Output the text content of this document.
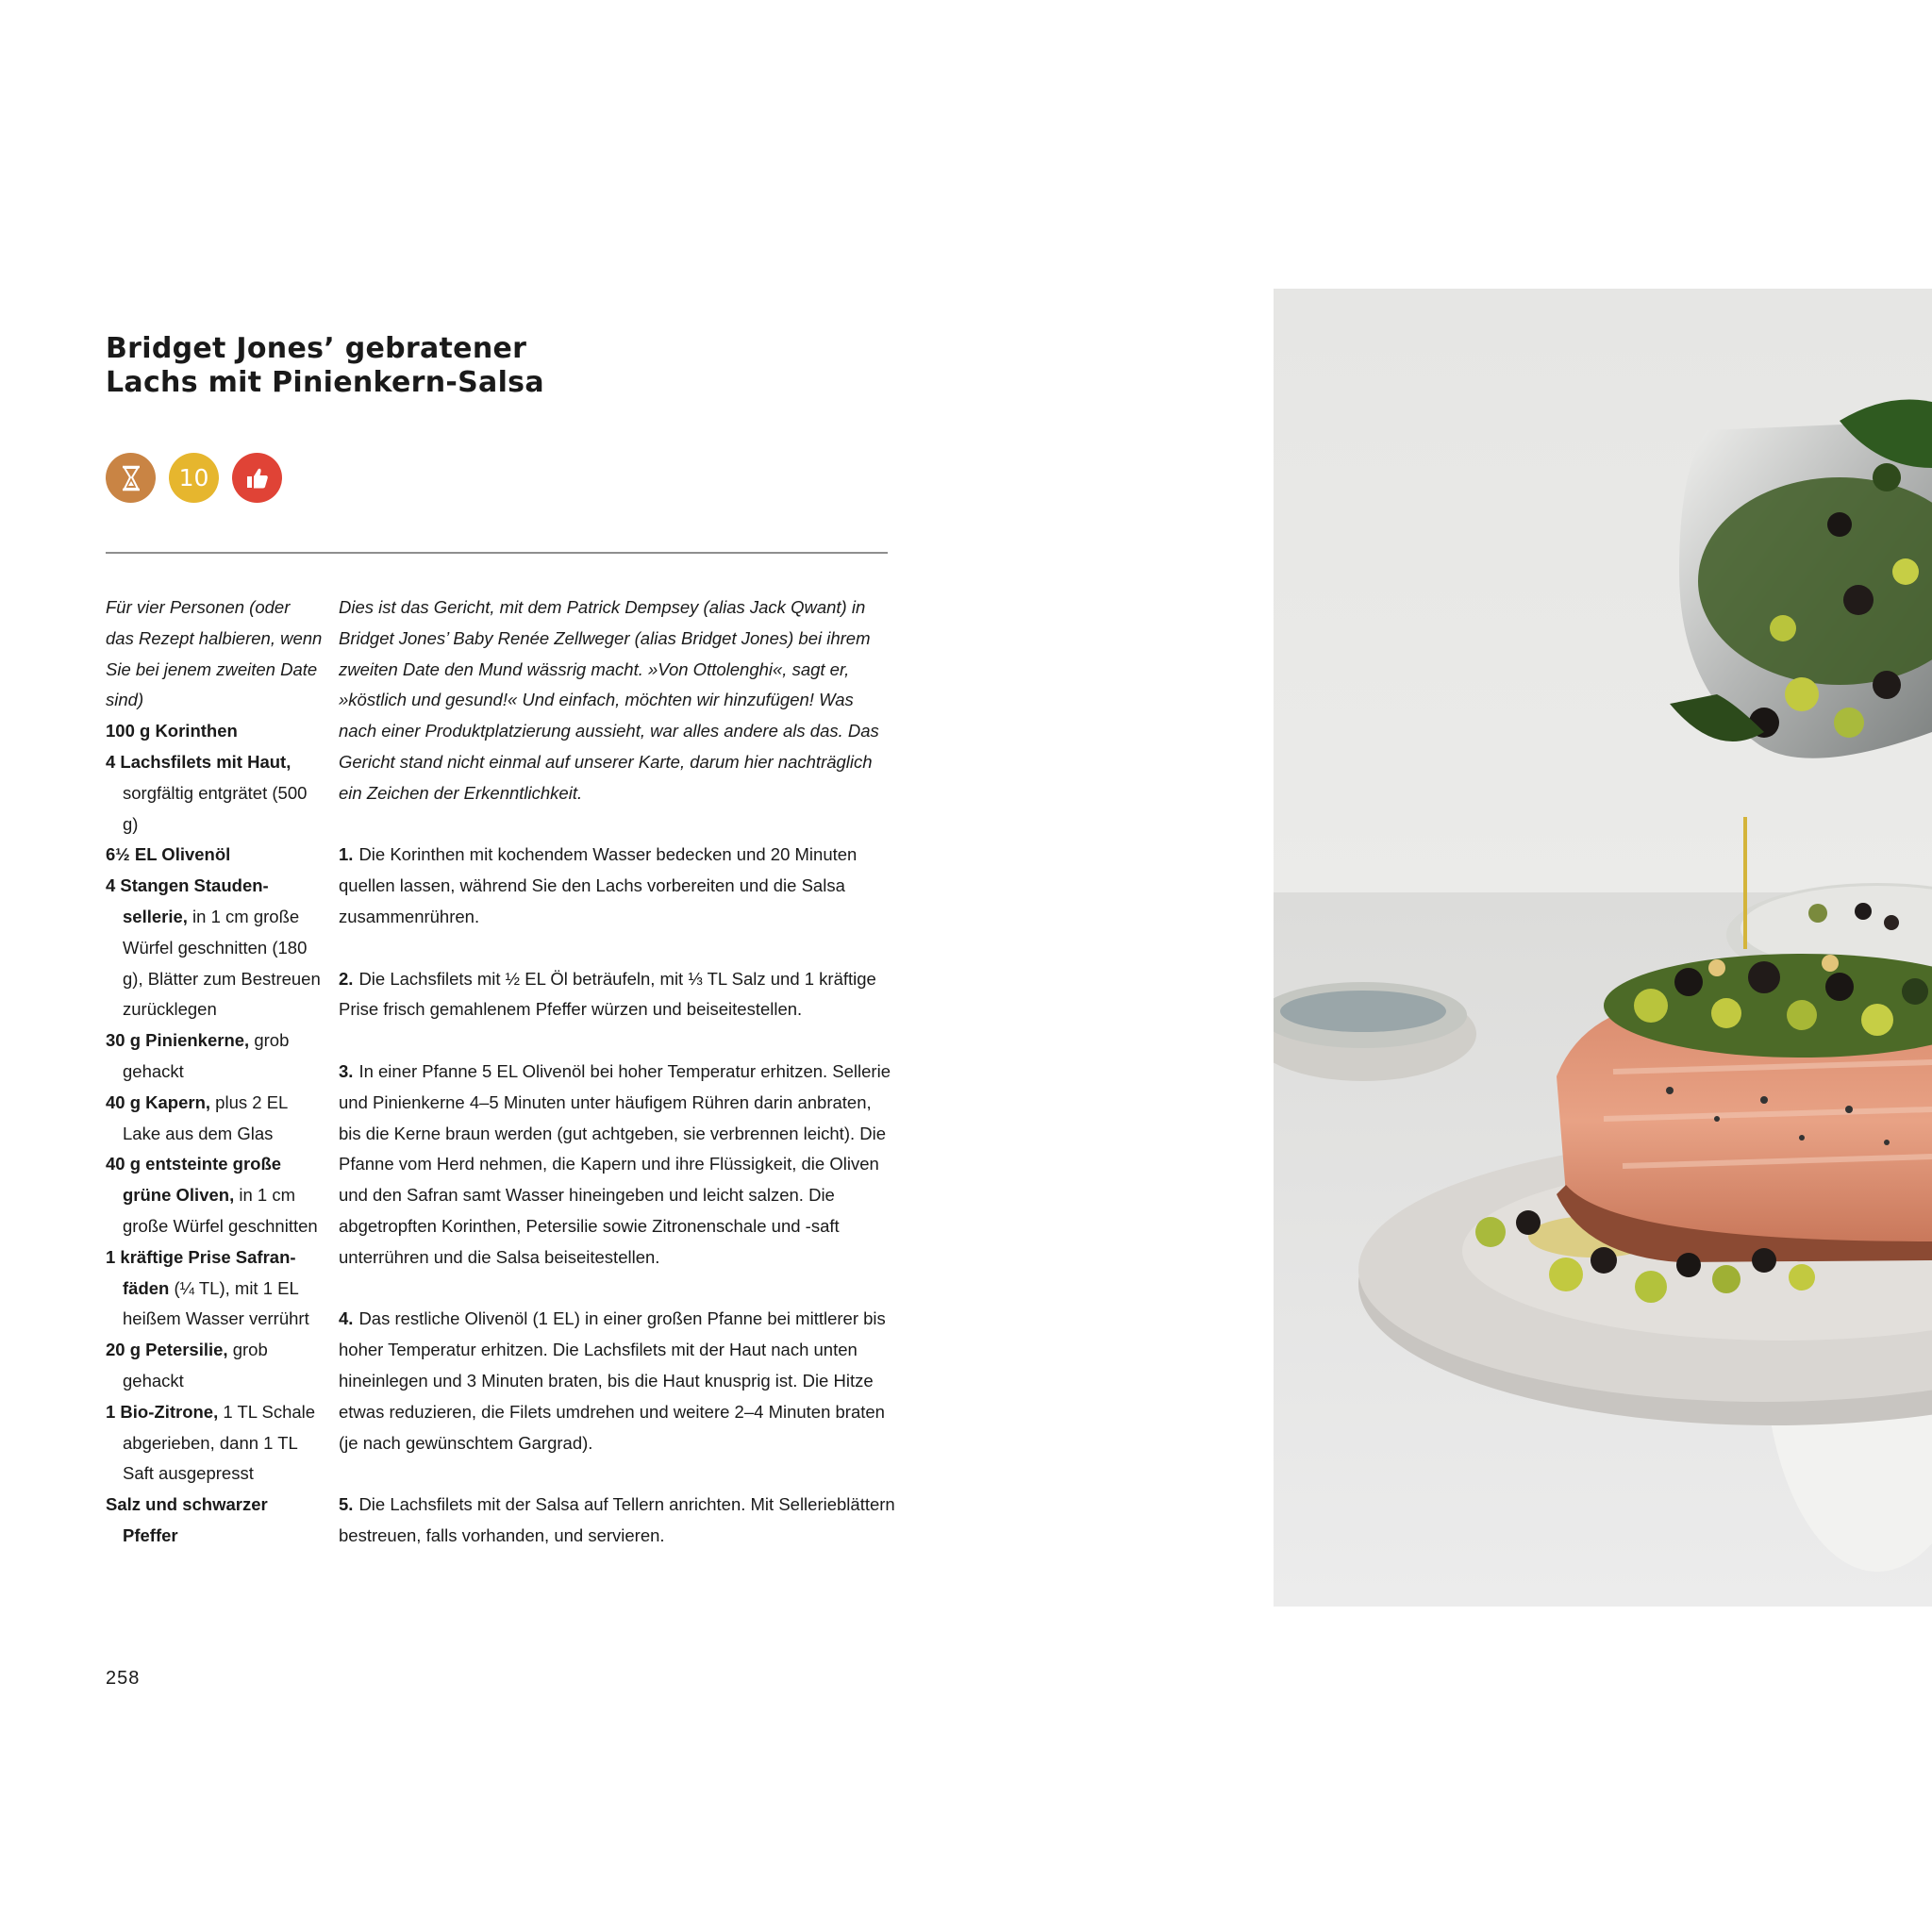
Bridget Jones’ gebratener
Lachs mit Pinienkern-Salsa
10
Für vier Personen (oder das Rezept halbieren, wenn Sie bei jenem zweiten Date sind)
100 g Korinthen
4 Lachsfilets mit Haut, sorgfältig entgrätet (500 g)
6½ EL Olivenöl
4 Stangen Stauden-sellerie, in 1 cm große Würfel geschnitten (180 g), Blätter zum Bestreuen zurücklegen
30 g Pinienkerne, grob gehackt
40 g Kapern, plus 2 EL Lake aus dem Glas
40 g entsteinte große grüne Oliven, in 1 cm große Würfel geschnitten
1 kräftige Prise Safran-fäden (¼ TL), mit 1 EL heißem Wasser verrührt
20 g Petersilie, grob gehackt
1 Bio-Zitrone, 1 TL Schale abgerieben, dann 1 TL Saft ausgepresst
Salz und schwarzer Pfeffer

Dies ist das Gericht, mit dem Patrick Dempsey (alias Jack Qwant) in Bridget Jones’ Baby Renée Zellweger (alias Bridget Jones) bei ihrem zweiten Date den Mund wässrig macht. »Von Ottolenghi«, sagt er, »köstlich und gesund!« Und einfach, möchten wir hinzufügen! Was nach einer Produktplatzierung aussieht, war alles andere als das. Das Gericht stand nicht einmal auf unserer Karte, darum hier nachträglich ein Zeichen der Erkenntlichkeit.

1. Die Korinthen mit kochendem Wasser bedecken und 20 Minuten quellen lassen, während Sie den Lachs vorbereiten und die Salsa zusammenrühren.

2. Die Lachsfilets mit ½ EL Öl beträufeln, mit ⅓ TL Salz und 1 kräftige Prise frisch gemahlenem Pfeffer würzen und beiseitestellen.

3. In einer Pfanne 5 EL Olivenöl bei hoher Temperatur erhitzen. Sellerie und Pinienkerne 4–5 Minuten unter häufigem Rühren darin anbraten, bis die Kerne braun werden (gut achtgeben, sie verbrennen leicht). Die Pfanne vom Herd nehmen, die Kapern und ihre Flüssigkeit, die Oliven und den Safran samt Wasser hineingeben und leicht salzen. Die abgetropften Korinthen, Petersilie sowie Zitronenschale und -saft unterrühren und die Salsa beiseitestellen.

4. Das restliche Olivenöl (1 EL) in einer großen Pfanne bei mittlerer bis hoher Temperatur erhitzen. Die Lachsfilets mit der Haut nach unten hineinlegen und 3 Minuten braten, bis die Haut knusprig ist. Die Hitze etwas reduzieren, die Filets umdrehen und weitere 2–4 Minuten braten (je nach gewünschtem Gargrad).

5. Die Lachsfilets mit der Salsa auf Tellern anrichten. Mit Sellerieblättern bestreuen, falls vorhanden, und servieren.

258
